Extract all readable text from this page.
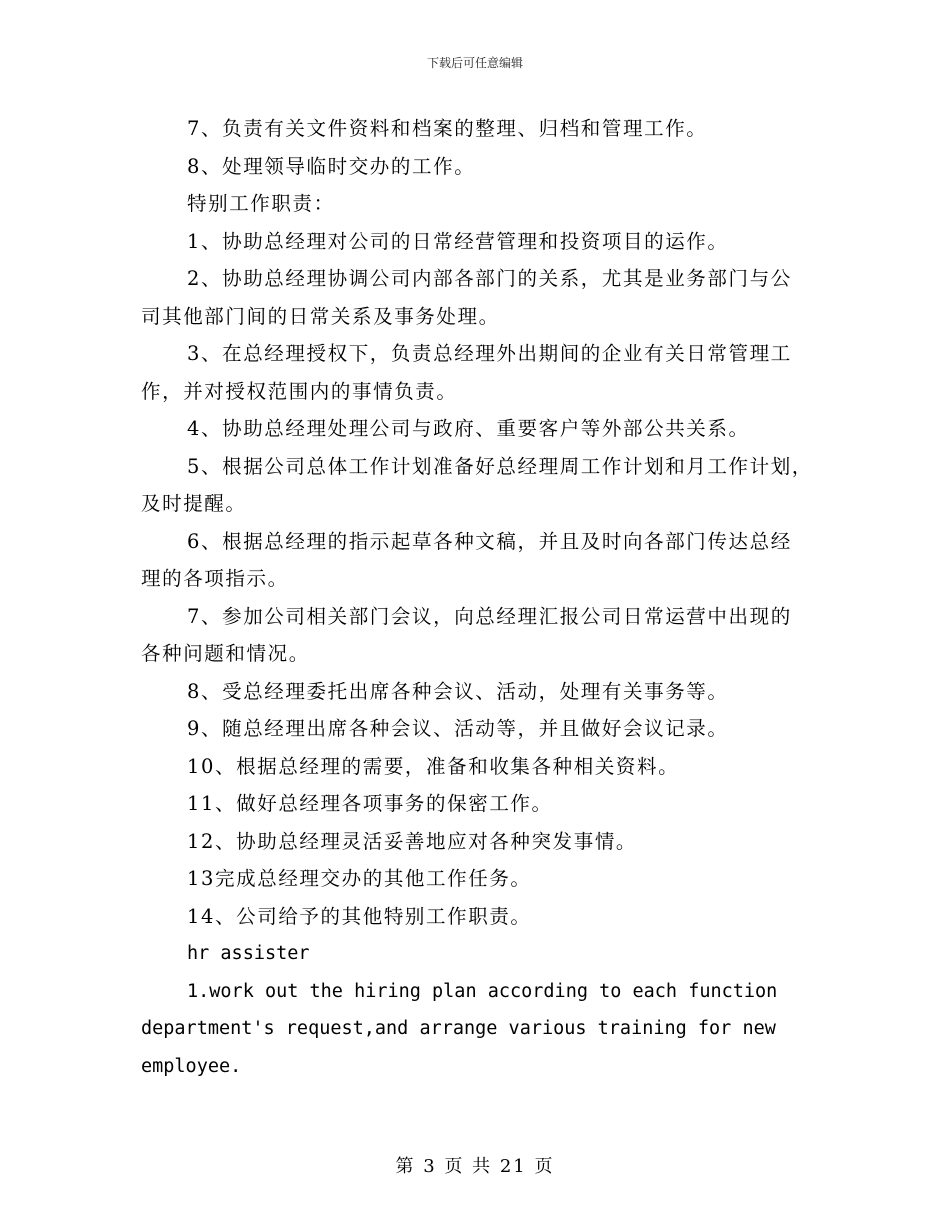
下载后可任意编辑
7、负责有关文件资料和档案的整理、归档和管理工作。
8、处理领导临时交办的工作。
特别工作职责：
1、协助总经理对公司的日常经营管理和投资项目的运作。
2、协助总经理协调公司内部各部门的关系，尤其是业务部门与公
司其他部门间的日常关系及事务处理。
3、在总经理授权下，负责总经理外出期间的企业有关日常管理工
作，并对授权范围内的事情负责。
4、协助总经理处理公司与政府、重要客户等外部公共关系。
5、根据公司总体工作计划准备好总经理周工作计划和月工作计划，
及时提醒。
6、根据总经理的指示起草各种文稿，并且及时向各部门传达总经
理的各项指示。
7、参加公司相关部门会议，向总经理汇报公司日常运营中出现的
各种问题和情况。
8、受总经理委托出席各种会议、活动，处理有关事务等。
9、随总经理出席各种会议、活动等，并且做好会议记录。
10、根据总经理的需要，准备和收集各种相关资料。
11、做好总经理各项事务的保密工作。
12、协助总经理灵活妥善地应对各种突发事情。
13完成总经理交办的其他工作任务。
14、公司给予的其他特别工作职责。
hr assister
1.work out the hiring plan according to each function
department's request,and arrange various training for new
employee.
第 3 页 共 21 页
